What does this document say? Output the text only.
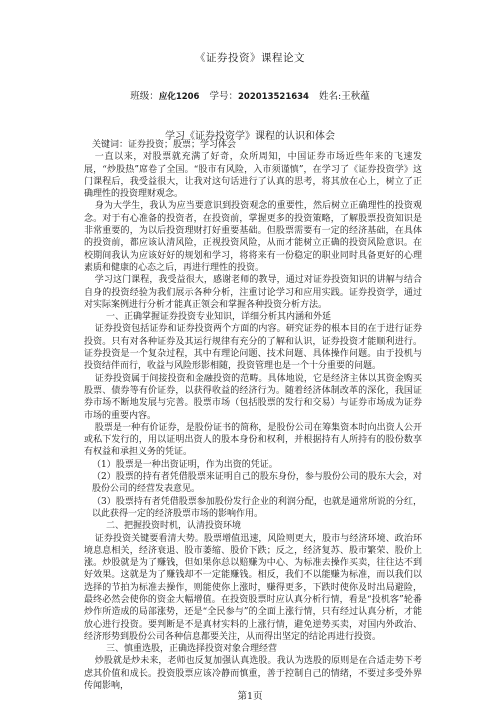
《证券投资》课程论文
班级：应化1206 学号：202013521634 姓名:王秋蕴
学习《证券投资学》课程的认识和体会

关键词：证券投资；股票；学习体会

一直以来，对股票就充满了好奇，众所周知，中国证券市场近些年来的飞速发展，“炒股热”席卷了全国。“股市有风险，入市须谨慎”，在学习了《证券投资学》这门课程后，我受益很大，让我对这句话进行了认真的思考，将其放在心上，树立了正确理性的投资理财观念。

身为大学生，我认为应当要意识到投资观念的重要性，然后树立正确理性的投资观念。对于有心准备的投资者，在投资前，掌握更多的投资策略，了解股票投资知识是非常重要的，为以后投资理财打好重要基础。但股票需要有一定的经济基础，在具体的投资前，都应该认清风险，正视投资风险，从而才能树立正确的投资风险意识。在校期间我认为应该好好的规划和学习，将将来有一份稳定的职业同时具备更好的心理素质和健康的心态之后，再进行理性的投资。

学习这门课程，我受益很大，感谢老师的教导，通过对证券投资知识的讲解与结合自身的投资经验为我们展示各种分析，注重讨论学习和应用实践。证券投资学，通过对实际案例进行分析才能真正领会和掌握各种投资分析方法。

一、正确掌握证券投资专业知识，详细分析其内涵和外延

证券投资包括证券和证券投资两个方面的内容。研究证券的根本目的在于进行证券投资。只有对各种证券及其运行规律有充分的了解和认识，证券投资才能顺利进行。证券投资是一个复杂过程，其中有理论问题、技术问题、具体操作问题。由于投机与投资结伴而行，收益与风险形影相随，投资管理也是一个十分重要的问题。

证券投资属于间接投资和金融投资的范畴。具体地说，它是经济主体以其资金购买股票、债券等有价证券，以获得收益的经济行为。随着经济体制改革的深化，我国证券市场不断地发展与完善。股票市场（包括股票的发行和交易）与证券市场成为证券市场的重要内容。

股票是一种有价证券，是股份证书的简称，是股份公司在筹集资本时向出资人公开或私下发行的，用以证明出资人的股本身份和权利，并根据持有人所持有的股份数享有权益和承担义务的凭证。

（1）股票是一种出资证明，作为出资的凭证。

（2）股票的持有者凭借股票来证明自己的股东身份，参与股份公司的股东大会，对股份公司的经营发表意见。

（3）股票持有者凭借股票参加股份发行企业的利润分配，也就是通常所说的分红，以此获得一定的经济股票市场的影响作用。

二、把握投资时机，认清投资环境

证券投资关键要看清大势。股票增值迅速，风险则更大，股市与经济环境、政治环境息息相关，经济衰退、股市萎缩、股价下跌；反之，经济复苏、股市繁荣、股价上涨。炒股就是为了赚钱，但如果你总以赔赚为中心、为标准去操作买卖，往往达不到好效果。这就是为了赚钱却不一定能赚钱。相反，我们不以能赚为标准，而以我们以选择的节拍为标准去操作，则能使你上涨时，赚得更多，下跌时使你及时出局避险，最终必然会使你的资金大幅增值。在投资股票时应认真分析行情，看是“投机客”轮番炒作所造成的局部涨势，还是“全民参与”的全面上涨行情，只有经过认真分析，才能放心进行投资。要判断是不是真材实料的上涨行情，避免逆势买卖，对国内外政治、经济形势到股份公司各种信息都要关注，从而得出坚定的结论再进行投资。

三、慎重选股，正确选择投资对象合理经营

炒股就是炒未来，老师也反复加强认真选股。我认为选股的原则是在合适走势下考虑其价值和成长。投资股票应该冷静而慎重，善于控制自己的情绪，不要过多受外界传闻影响，

第1页
